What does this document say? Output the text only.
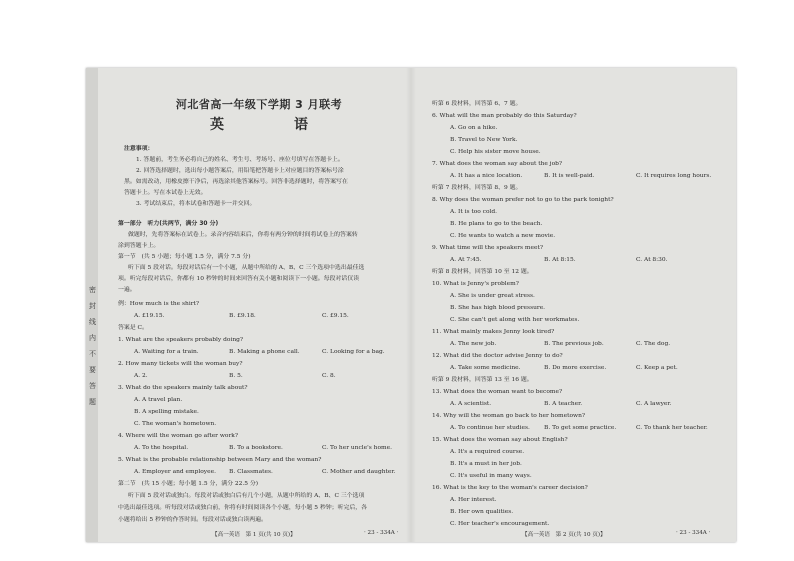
密
封
线
内
不
要
答
题
河北省高一年级下学期 3 月联考
英　　语
注意事项：
1. 答题前，考生务必将自己的姓名、考生号、考场号、座位号填写在答题卡上。
2. 回答选择题时，选出每小题答案后，用铅笔把答题卡上对应题目的答案标号涂
黑。如需改动，用橡皮擦干净后，再选涂其他答案标号。回答非选择题时，将答案写在
答题卡上。写在本试卷上无效。
3. 考试结束后，将本试卷和答题卡一并交回。
第一部分　听力(共两节，满分 30 分)
做题时，先将答案标在试卷上。录音内容结束后，你将有两分钟的时间将试卷上的答案转
涂到答题卡上。
第一节　(共 5 小题；每小题 1.5 分，满分 7.5 分)
听下面 5 段对话。每段对话后有一个小题，从题中所给的 A、B、C 三个选项中选出最佳选
项。听完每段对话后，你都有 10 秒钟的时间来回答有关小题和阅读下一小题。每段对话仅读
一遍。
例：How much is the shirt?
A. £19.15.	B. £9.18.	C. £9.15.
答案是 C。
1. What are the speakers probably doing?
A. Waiting for a train.	B. Making a phone call.	C. Looking for a bag.
2. How many tickets will the woman buy?
A. 2.	B. 5.	C. 8.
3. What do the speakers mainly talk about?
A. A travel plan.
B. A spelling mistake.
C. The woman's hometown.
4. Where will the woman go after work?
A. To the hospital.	B. To a bookstore.	C. To her uncle's home.
5. What is the probable relationship between Mary and the woman?
A. Employer and employee. B. Classmates.	C. Mother and daughter.
第二节　(共 15 小题；每小题 1.5 分，满分 22.5 分)
听下面 5 段对话或独白。每段对话或独白后有几个小题，从题中所给的 A、B、C 三个选项
中选出最佳选项。听每段对话或独白前，你将有时间阅读各个小题，每小题 5 秒钟；听完后，各
小题将给出 5 秒钟的作答时间。每段对话或独白读两遍。
【高一英语　第 1 页(共 10 页)】	· 23 - 334A ·
听第 6 段材料，回答第 6、7 题。
6. What will the man probably do this Saturday?
A. Go on a hike.
B. Travel to New York.
C. Help his sister move house.
7. What does the woman say about the job?
A. It has a nice location.	B. It is well-paid.	C. It requires long hours.
听第 7 段材料，回答第 8、9 题。
8. Why does the woman prefer not to go to the park tonight?
A. It is too cold.
B. He plans to go to the beach.
C. He wants to watch a new movie.
9. What time will the speakers meet?
A. At 7:45.	B. At 8:15.	C. At 8:30.
听第 8 段材料，回答第 10 至 12 题。
10. What is Jenny's problem?
A. She is under great stress.
B. She has high blood pressure.
C. She can't get along with her workmates.
11. What mainly makes Jenny look tired?
A. The new job.	B. The previous job.	C. The dog.
12. What did the doctor advise Jenny to do?
A. Take some medicine.	B. Do more exercise.	C. Keep a pet.
听第 9 段材料，回答第 13 至 16 题。
13. What does the woman want to become?
A. A scientist.	B. A teacher.	C. A lawyer.
14. Why will the woman go back to her hometown?
A. To continue her studies. B. To get some practice.	C. To thank her teacher.
15. What does the woman say about English?
A. It's a required course.
B. It's a must in her job.
C. It's useful in many ways.
16. What is the key to the woman's career decision?
A. Her interest.
B. Her own qualities.
C. Her teacher's encouragement.
【高一英语　第 2 页(共 10 页)】	· 23 - 334A ·
